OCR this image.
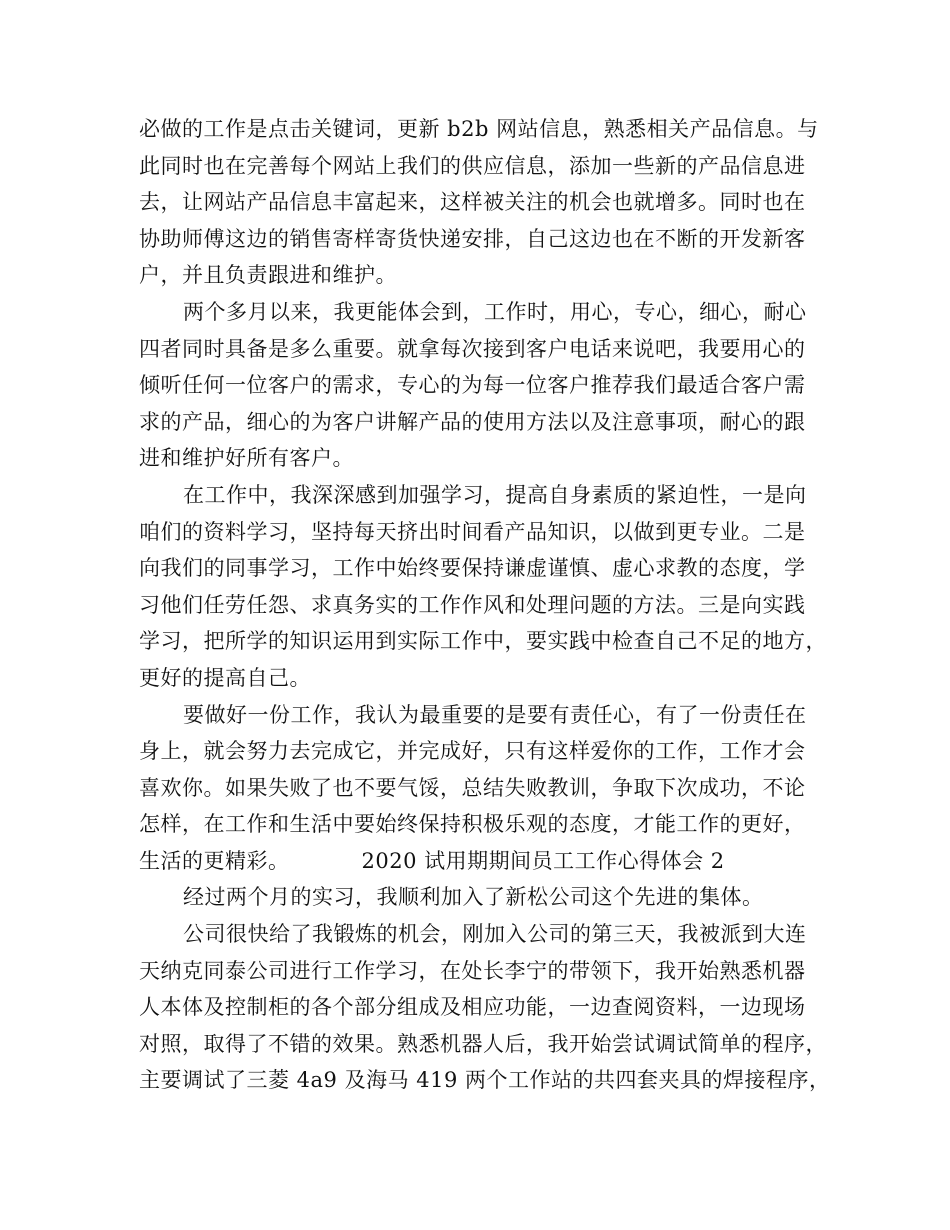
必做的工作是点击关键词，更新 b2b 网站信息，熟悉相关产品信息。与
此同时也在完善每个网站上我们的供应信息，添加一些新的产品信息进
去，让网站产品信息丰富起来，这样被关注的机会也就增多。同时也在
协助师傅这边的销售寄样寄货快递安排，自己这边也在不断的开发新客
户，并且负责跟进和维护。
两个多月以来，我更能体会到，工作时，用心，专心，细心，耐心
四者同时具备是多么重要。就拿每次接到客户电话来说吧，我要用心的
倾听任何一位客户的需求，专心的为每一位客户推荐我们最适合客户需
求的产品，细心的为客户讲解产品的使用方法以及注意事项，耐心的跟
进和维护好所有客户。
在工作中，我深深感到加强学习，提高自身素质的紧迫性，一是向
咱们的资料学习，坚持每天挤出时间看产品知识，以做到更专业。二是
向我们的同事学习，工作中始终要保持谦虚谨慎、虚心求教的态度，学
习他们任劳任怨、求真务实的工作作风和处理问题的方法。三是向实践
学习，把所学的知识运用到实际工作中，要实践中检查自己不足的地方，
更好的提高自己。
要做好一份工作，我认为最重要的是要有责任心，有了一份责任在
身上，就会努力去完成它，并完成好，只有这样爱你的工作，工作才会
喜欢你。如果失败了也不要气馁，总结失败教训，争取下次成功，不论
怎样，在工作和生活中要始终保持积极乐观的态度，才能工作的更好，
生活的更精彩。	2020 试用期期间员工工作心得体会 2
经过两个月的实习，我顺利加入了新松公司这个先进的集体。
公司很快给了我锻炼的机会，刚加入公司的第三天，我被派到大连
天纳克同泰公司进行工作学习，在处长李宁的带领下，我开始熟悉机器
人本体及控制柜的各个部分组成及相应功能，一边查阅资料，一边现场
对照，取得了不错的效果。熟悉机器人后，我开始尝试调试简单的程序，
主要调试了三菱 4a9 及海马 419 两个工作站的共四套夹具的焊接程序，
